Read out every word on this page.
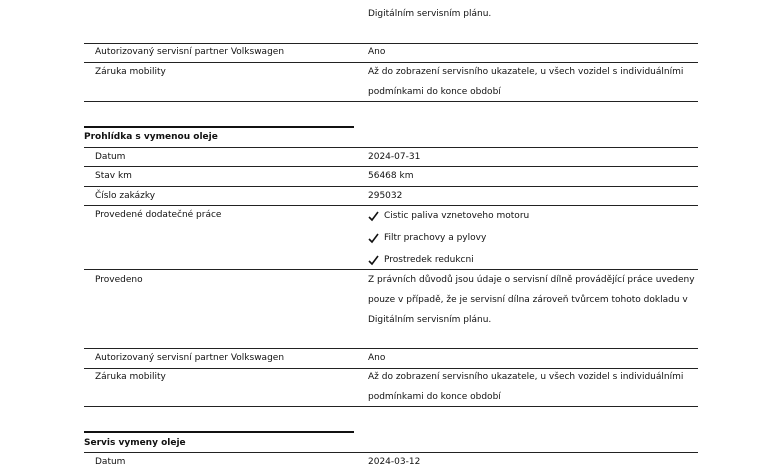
Digitálním servisním plánu.
Autorizovaný servisní partner Volkswagen	Ano
Záruka mobility	Až do zobrazení servisního ukazatele, u všech vozidel s individuálními
podmínkami do konce období
Prohlídka s vymenou oleje
Datum	2024-07-31
Stav km	56468 km
Číslo zakázky	295032
Provedené dodatečné práce	Cistic paliva vznetoveho motoru
Filtr prachovy a pylovy
Prostredek redukcni
Provedeno	Z právních důvodů jsou údaje o servisní dílně provádějící práce uvedeny
pouze v případě, že je servisní dílna zároveň tvůrcem tohoto dokladu v
Digitálním servisním plánu.
Autorizovaný servisní partner Volkswagen	Ano
Záruka mobility	Až do zobrazení servisního ukazatele, u všech vozidel s individuálními
podmínkami do konce období
Servis vymeny oleje
Datum	2024-03-12
